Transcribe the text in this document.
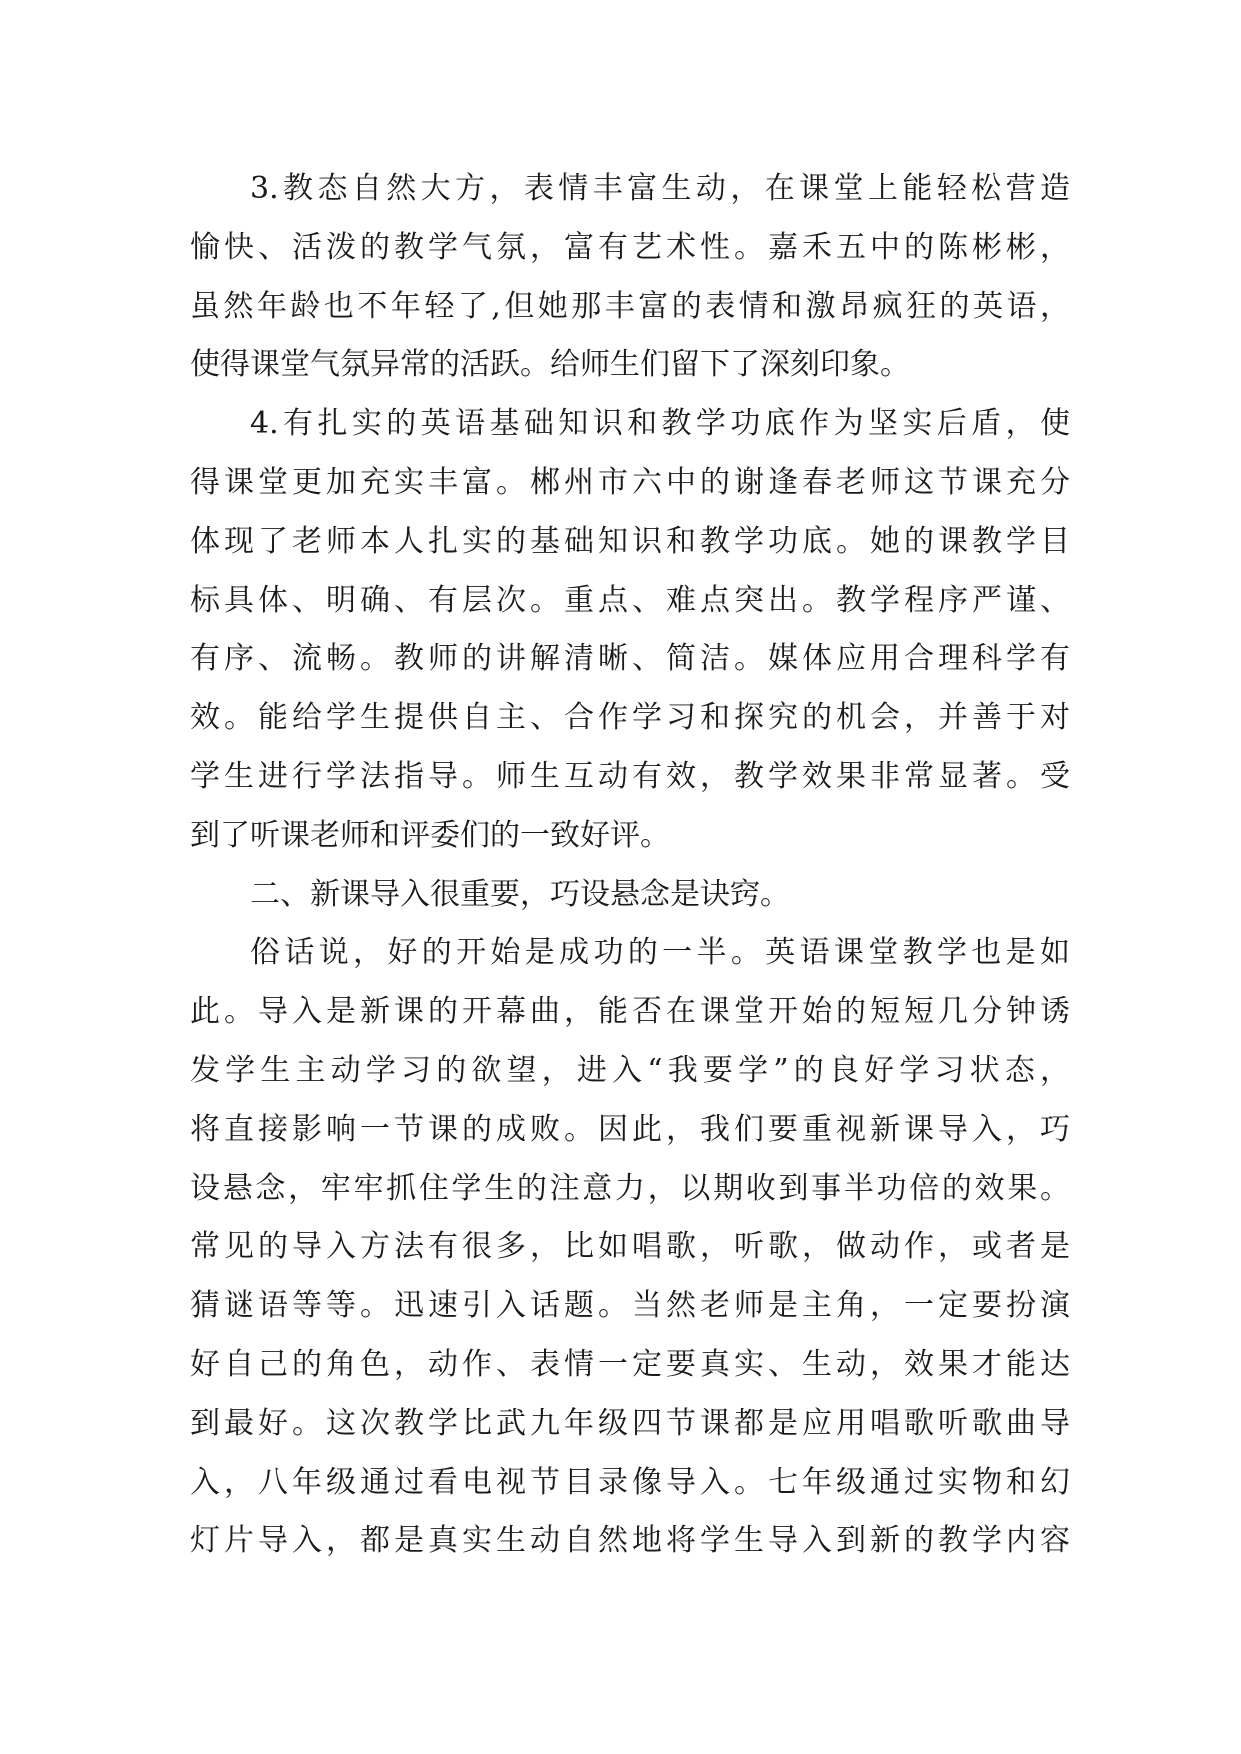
3.教态自然大方，表情丰富生动，在课堂上能轻松营造
愉快、活泼的教学气氛，富有艺术性。嘉禾五中的陈彬彬，
虽然年龄也不年轻了,但她那丰富的表情和激昂疯狂的英语，
使得课堂气氛异常的活跃。给师生们留下了深刻印象。
4.有扎实的英语基础知识和教学功底作为坚实后盾，使
得课堂更加充实丰富。郴州市六中的谢逢春老师这节课充分
体现了老师本人扎实的基础知识和教学功底。她的课教学目
标具体、明确、有层次。重点、难点突出。教学程序严谨、
有序、流畅。教师的讲解清晰、简洁。媒体应用合理科学有
效。能给学生提供自主、合作学习和探究的机会，并善于对
学生进行学法指导。师生互动有效，教学效果非常显著。受
到了听课老师和评委们的一致好评。
二、新课导入很重要，巧设悬念是诀窍。
俗话说，好的开始是成功的一半。英语课堂教学也是如
此。导入是新课的开幕曲，能否在课堂开始的短短几分钟诱
发学生主动学习的欲望，进入“我要学”的良好学习状态，
将直接影响一节课的成败。因此，我们要重视新课导入，巧
设悬念，牢牢抓住学生的注意力，以期收到事半功倍的效果。
常见的导入方法有很多，比如唱歌，听歌，做动作，或者是
猜谜语等等。迅速引入话题。当然老师是主角，一定要扮演
好自己的角色，动作、表情一定要真实、生动，效果才能达
到最好。这次教学比武九年级四节课都是应用唱歌听歌曲导
入，八年级通过看电视节目录像导入。七年级通过实物和幻
灯片导入，都是真实生动自然地将学生导入到新的教学内容
